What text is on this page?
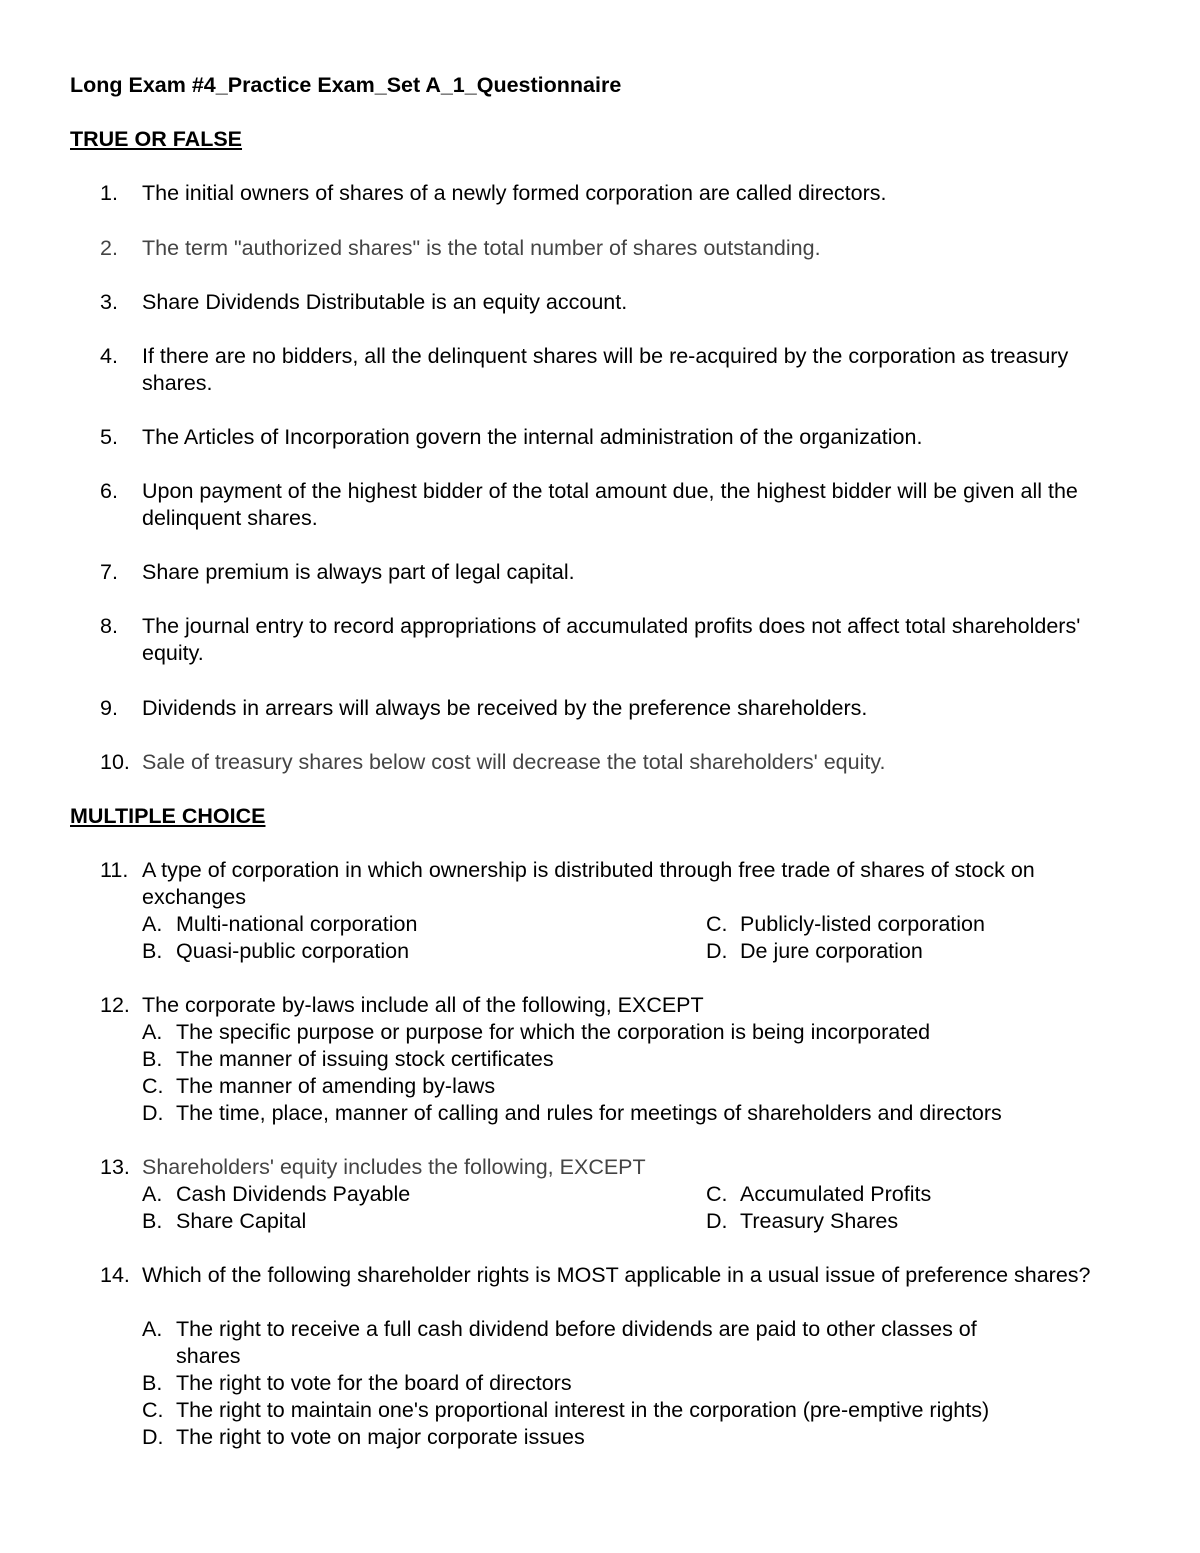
Long Exam #4_Practice Exam_Set A_1_Questionnaire
TRUE OR FALSE
1.	The initial owners of shares of a newly formed corporation are called directors.
2.	The term "authorized shares" is the total number of shares outstanding.
3.	Share Dividends Distributable is an equity account.
4.	If there are no bidders, all the delinquent shares will be re-acquired by the corporation as treasury shares.
5.	The Articles of Incorporation govern the internal administration of the organization.
6.	Upon payment of the highest bidder of the total amount due, the highest bidder will be given all the delinquent shares.
7.	Share premium is always part of legal capital.
8.	The journal entry to record appropriations of accumulated profits does not affect total shareholders' equity.
9.	Dividends in arrears will always be received by the preference shareholders.
10. Sale of treasury shares below cost will decrease the total shareholders' equity.
MULTIPLE CHOICE
11. A type of corporation in which ownership is distributed through free trade of shares of stock on exchanges
A. Multi-national corporation
B. Quasi-public corporation
C. Publicly-listed corporation
D. De jure corporation
12. The corporate by-laws include all of the following, EXCEPT
A. The specific purpose or purpose for which the corporation is being incorporated
B. The manner of issuing stock certificates
C. The manner of amending by-laws
D. The time, place, manner of calling and rules for meetings of shareholders and directors
13. Shareholders' equity includes the following, EXCEPT
A. Cash Dividends Payable
B. Share Capital
C. Accumulated Profits
D. Treasury Shares
14. Which of the following shareholder rights is MOST applicable in a usual issue of preference shares?
A. The right to receive a full cash dividend before dividends are paid to other classes of shares
B. The right to vote for the board of directors
C. The right to maintain one's proportional interest in the corporation (pre-emptive rights)
D. The right to vote on major corporate issues
